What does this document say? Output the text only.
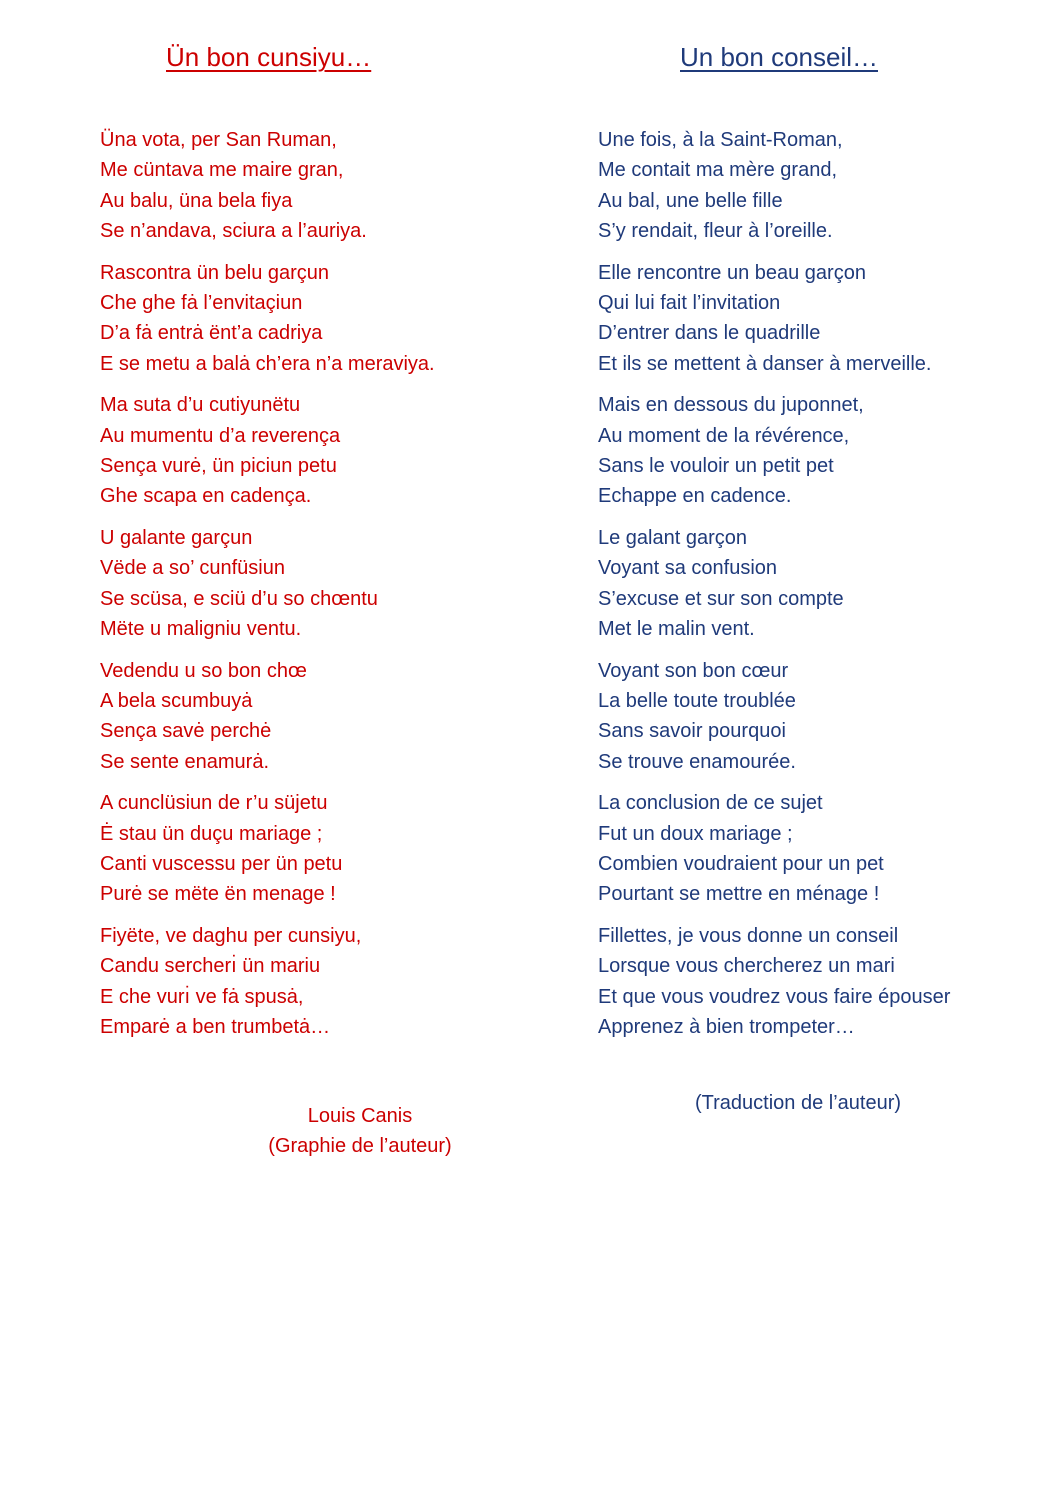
Ün bon cunsiyu…
Üna vota, per San Ruman,
Me cüntava me maire gran,
Au balu, üna bela fiya
Se n’andava, sciura a l’auriya.
Rascontra ün belu garçun
Che ghe fȧ l’envitaçiun
D’a fȧ entrȧ ënt’a cadriya
E se metu a balȧ ch’era n’a meraviya.
Ma suta d’u cutiyunëtu
Au mumentu d’a reverença
Sença vurė, ün piciun petu
Ghe scapa en cadença.
U galante garçun
Vëde a so’ cunfüsiun
Se scüsa, e sciü d’u so chœntu
Mëte u maligniu ventu.
Vedendu u so bon chœ
A bela scumbuyȧ
Sença savė perchė
Se sente enamurȧ.
A cunclüsiun de r’u süjetu
Ė stau ün duçu mariage ;
Canti vuscessu per ün petu
Purė se mëte ën menage !
Fiyëte, ve daghu per cunsiyu,
Candu sercherı̇ ün mariu
E che vurı̇ ve fȧ spusȧ,
Emparė a ben trumbetȧ…
Louis Canis
(Graphie de l’auteur)
Un bon conseil…
Une fois, à la Saint-Roman,
Me contait ma mère grand,
Au bal, une belle fille
S’y rendait, fleur à l’oreille.
Elle rencontre un beau garçon
Qui lui fait l’invitation
D’entrer dans le quadrille
Et ils se mettent à danser à merveille.
Mais en dessous du juponnet,
Au moment de la révérence,
Sans le vouloir un petit pet
Echappe en cadence.
Le galant garçon
Voyant sa confusion
S’excuse et sur son compte
Met le malin vent.
Voyant son bon cœur
La belle toute troublée
Sans savoir pourquoi
Se trouve enamourée.
La conclusion de ce sujet
Fut un doux mariage ;
Combien voudraient pour un pet
Pourtant se mettre en ménage !
Fillettes, je vous donne un conseil
Lorsque vous chercherez un mari
Et que vous voudrez vous faire épouser
Apprenez à bien trompeter…
(Traduction de l’auteur)
